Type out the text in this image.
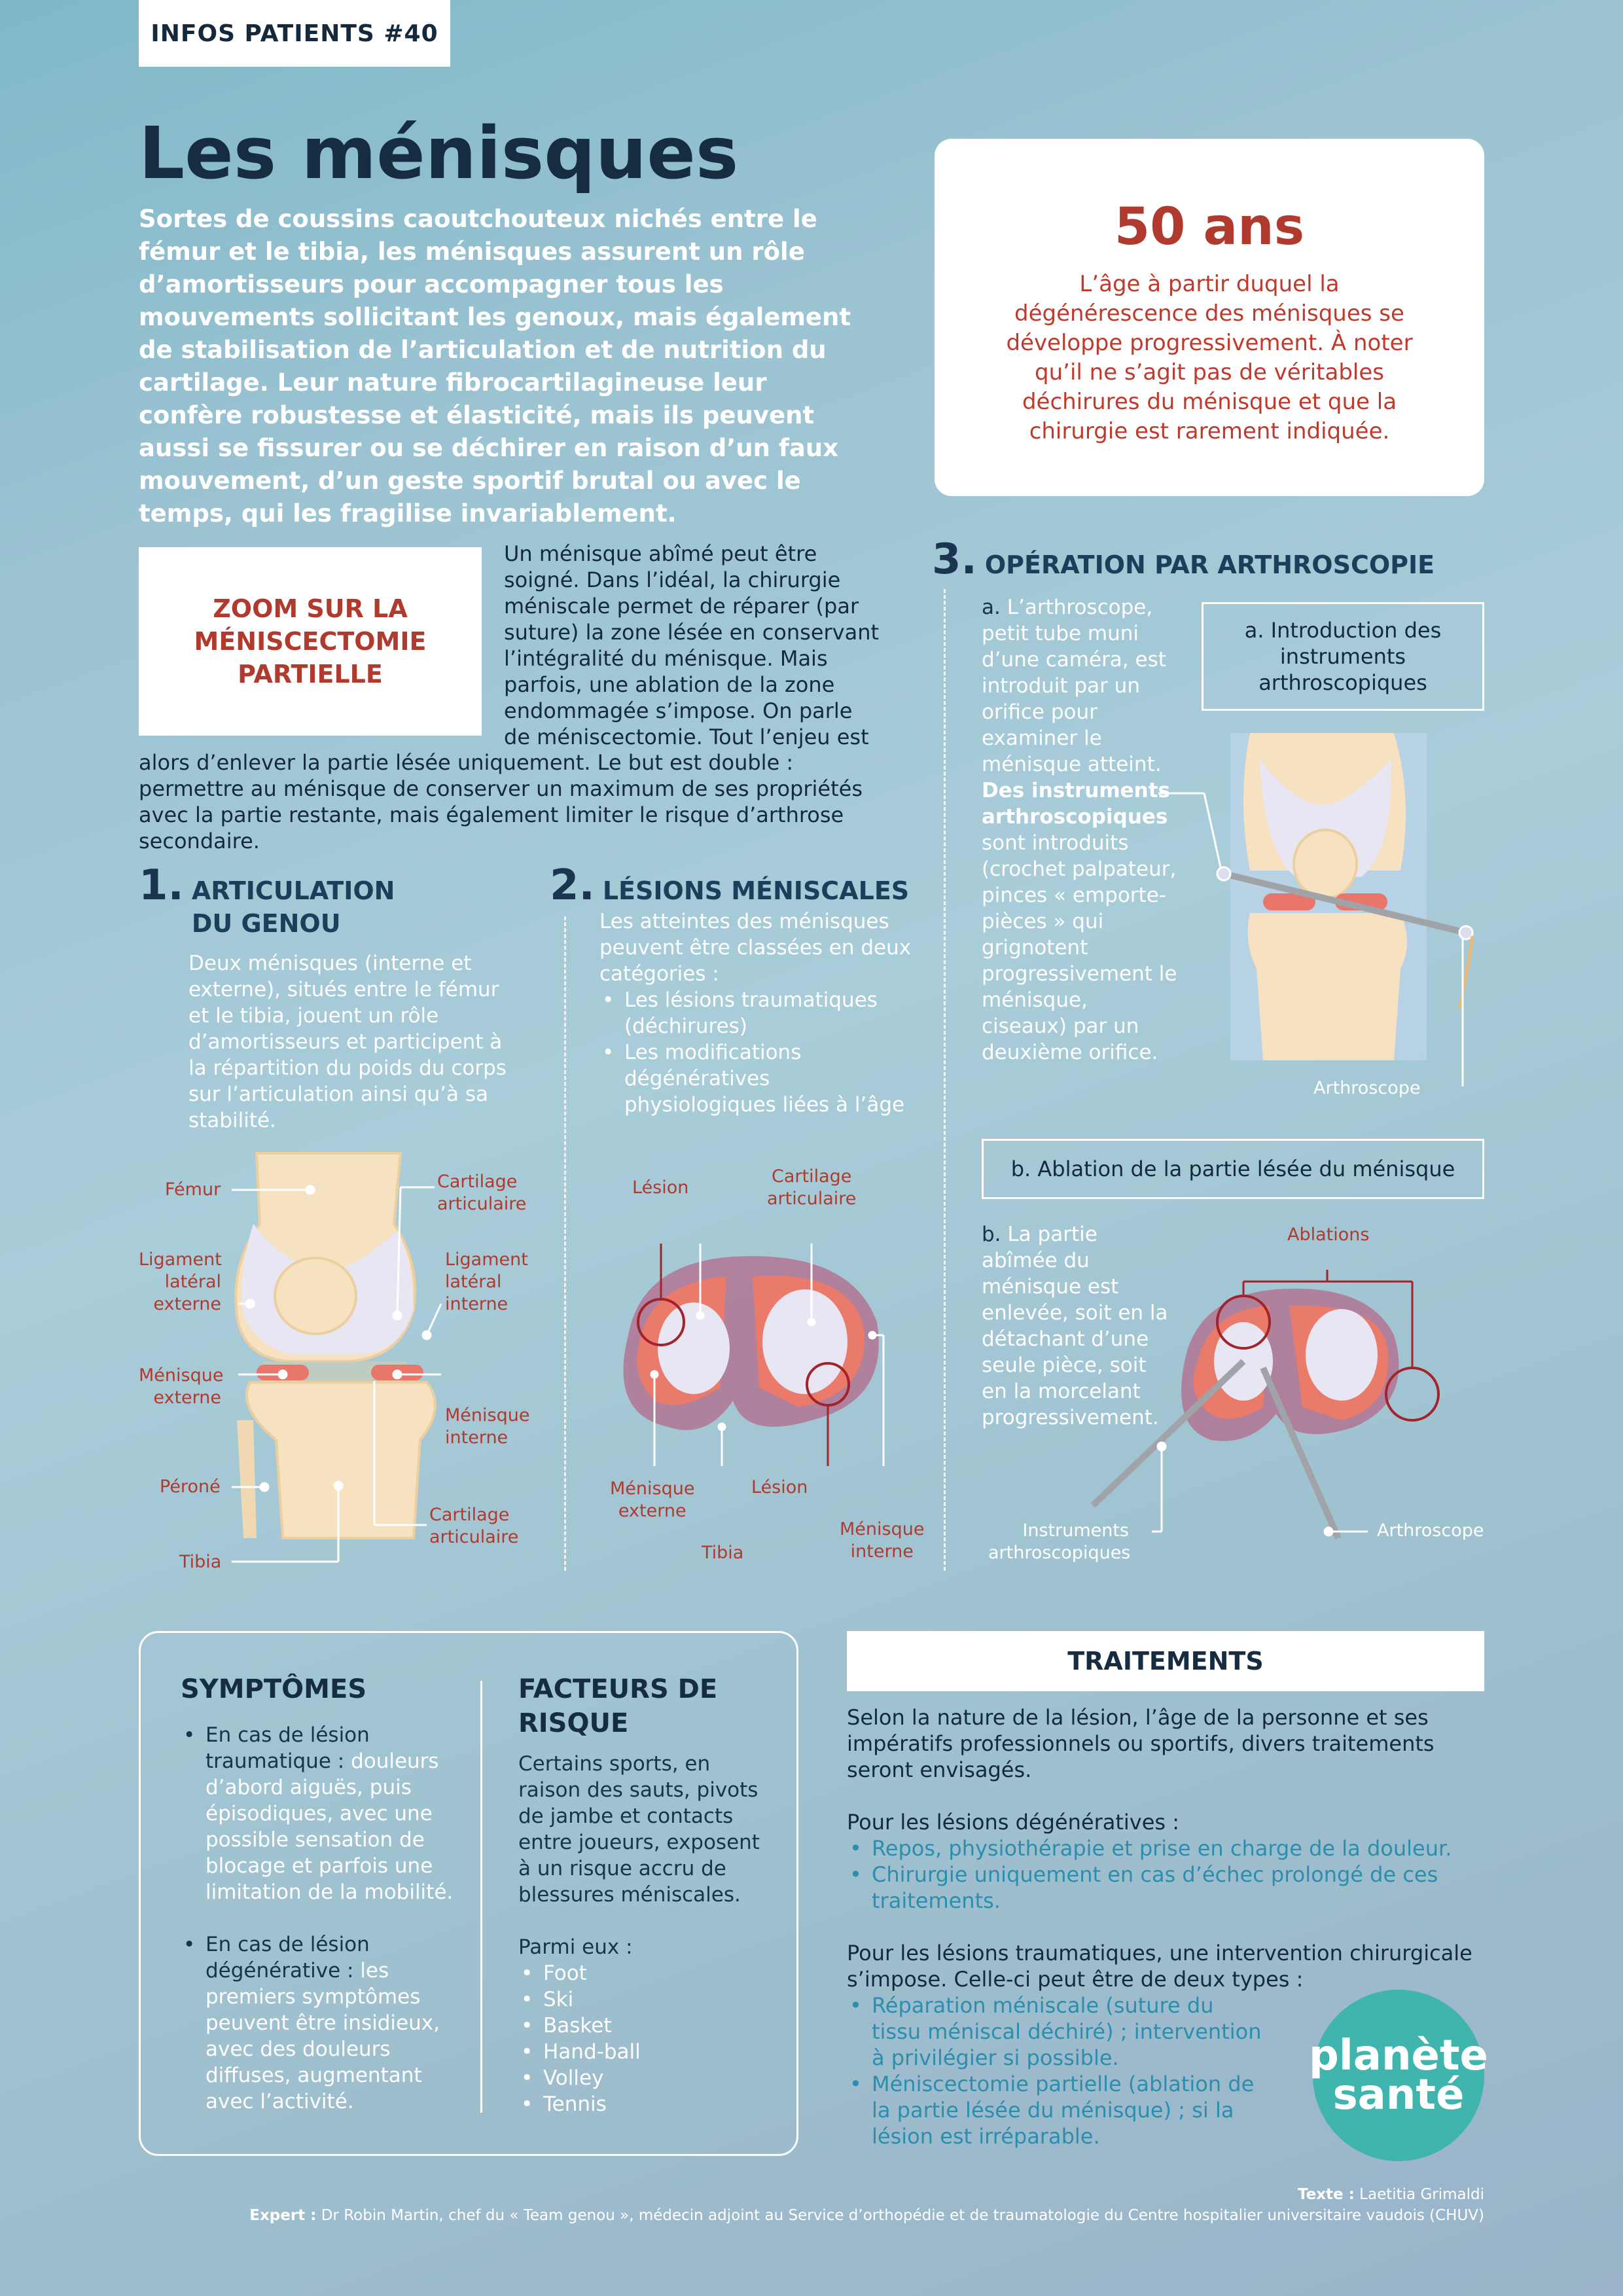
INFOS PATIENTS #40
Les ménisques

Sortes de coussins caoutchouteux nichés entre le fémur et le tibia, les ménisques assurent un rôle d’amortisseurs pour accompagner tous les mouvements sollicitant les genoux, mais également de stabilisation de l’articulation et de nutrition du cartilage. Leur nature fibrocartilagineuse leur confère robustesse et élasticité, mais ils peuvent aussi se fissurer ou se déchirer en raison d’un faux mouvement, d’un geste sportif brutal ou avec le temps, qui les fragilise invariablement.

50 ans
L’âge à partir duquel la dégénérescence des ménisques se développe progressivement. À noter qu’il ne s’agit pas de véritables déchirures du ménisque et que la chirurgie est rarement indiquée.
ZOOM SUR LA MÉNISCECTOMIE PARTIELLE

Un ménisque abîmé peut être soigné. Dans l’idéal, la chirurgie méniscale permet de réparer (par suture) la zone lésée en conservant l’intégralité du ménisque. Mais parfois, une ablation de la zone endommagée s’impose. On parle de méniscectomie. Tout l’enjeu est

alors d’enlever la partie lésée uniquement. Le but est double : permettre au ménisque de conserver un maximum de ses propriétés avec la partie restante, mais également limiter le risque d’arthrose secondaire.

1. ARTICULATION
DU GENOU

Deux ménisques (interne et externe), situés entre le fémur et le tibia, jouent un rôle d’amortisseurs et participent à la répartition du poids du corps sur l’articulation ainsi qu’à sa stabilité.

Fémur	Cartilage
articulaire
Ligament
latéral
externe
Ligament
latéral
interne
Ménisque
externe
Ménisque
interne
Péroné
Cartilage
articulaire
Tibia
2. LÉSIONS MÉNISCALES

Les atteintes des ménisques peuvent être classées en deux catégories :

• Les lésions traumatiques (déchirures)
• Les modifications dégénératives physiologiques liées à l’âge
Lésion
Cartilage
articulaire
Ménisque
externe
Lésion
Tibia
Ménisque
interne
3. OPÉRATION PAR ARTHROSCOPIE
a. L’arthroscope, petit tube muni d’une caméra, est introduit par un orifice pour examiner le ménisque atteint. Des instruments arthroscopiques sont introduits (crochet palpateur, pinces « emporte-pièces » qui grignotent progressivement le ménisque, ciseaux) par un deuxième orifice.
a. Introduction des instruments arthroscopiques
Arthroscope
b. Ablation de la partie lésée du ménisque
b. La partie abîmée du ménisque est enlevée, soit en la détachant d’une seule pièce, soit en la morcelant progressivement.
Ablations
Instruments
arthroscopiques
Arthroscope
SYMPTÔMES
• En cas de lésion traumatique : douleurs d’abord aiguës, puis épisodiques, avec une possible sensation de blocage et parfois une limitation de la mobilité.
• En cas de lésion dégénérative : les premiers symptômes peuvent être insidieux, avec des douleurs diffuses, augmentant avec l’activité.
FACTEURS DE RISQUE

Certains sports, en raison des sauts, pivots de jambe et contacts entre joueurs, exposent à un risque accru de blessures méniscales.

Parmi eux :

• Foot
• Ski
• Basket
• Hand-ball
• Volley
• Tennis
TRAITEMENTS

Selon la nature de la lésion, l’âge de la personne et ses impératifs professionnels ou sportifs, divers traitements seront envisagés.

Pour les lésions dégénératives :

• Repos, physiothérapie et prise en charge de la douleur.
• Chirurgie uniquement en cas d’échec prolongé de ces traitements.

Pour les lésions traumatiques, une intervention chirurgicale s’impose. Celle-ci peut être de deux types :

• Réparation méniscale (suture du tissu méniscal déchiré) ; intervention à privilégier si possible.
• Méniscectomie partielle (ablation de la partie lésée du ménisque) ; si la lésion est irréparable.
planète
santé
Texte : Laetitia Grimaldi
Expert : Dr Robin Martin, chef du « Team genou », médecin adjoint au Service d’orthopédie et de traumatologie du Centre hospitalier universitaire vaudois (CHUV)
